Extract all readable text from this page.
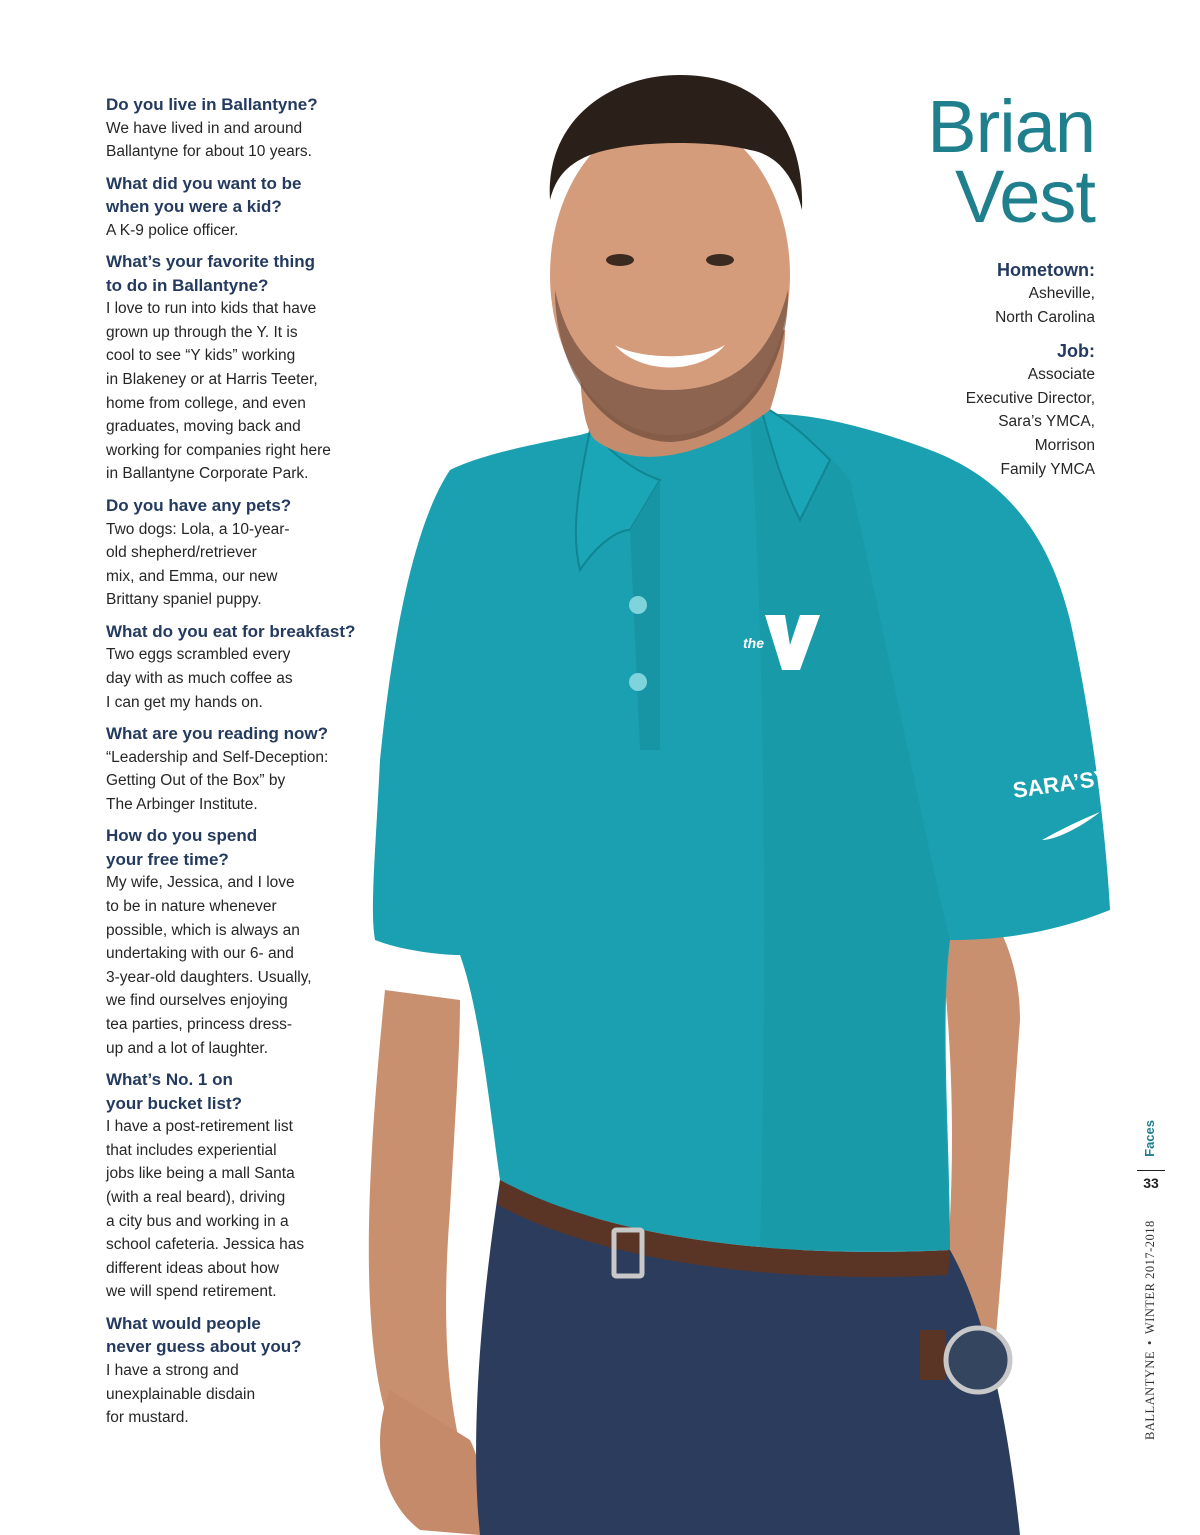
the
SARA’SY

Do you live in Ballantyne?

We have lived in and around
Ballantyne for about 10 years.

What did you want to be
when you were a kid?

A K-9 police officer.

What’s your favorite thing
to do in Ballantyne?

I love to run into kids that have
grown up through the Y. It is
cool to see “Y kids” working
in Blakeney or at Harris Teeter,
home from college, and even
graduates, moving back and
working for companies right here
in Ballantyne Corporate Park.

Do you have any pets?

Two dogs: Lola, a 10-year-
old shepherd/retriever
mix, and Emma, our new
Brittany spaniel puppy.

What do you eat for breakfast?

Two eggs scrambled every
day with as much coffee as
I can get my hands on.

What are you reading now?

“Leadership and Self-Deception:
Getting Out of the Box” by
The Arbinger Institute.

How do you spend
your free time?

My wife, Jessica, and I love
to be in nature whenever
possible, which is always an
undertaking with our 6- and
3-year-old daughters. Usually,
we find ourselves enjoying
tea parties, princess dress-
up and a lot of laughter.

What’s No. 1 on
your bucket list?

I have a post-retirement list
that includes experiential
jobs like being a mall Santa
(with a real beard), driving
a city bus and working in a
school cafeteria. Jessica has
different ideas about how
we will spend retirement.

What would people
never guess about you?

I have a strong and
unexplainable disdain
for mustard.

Brian
Vest

Hometown:

Asheville,
North Carolina

Job:

Associate
Executive Director,
Sara’s YMCA,
Morrison
Family YMCA

Faces
33
BALLANTYNE•WINTER 2017-2018
